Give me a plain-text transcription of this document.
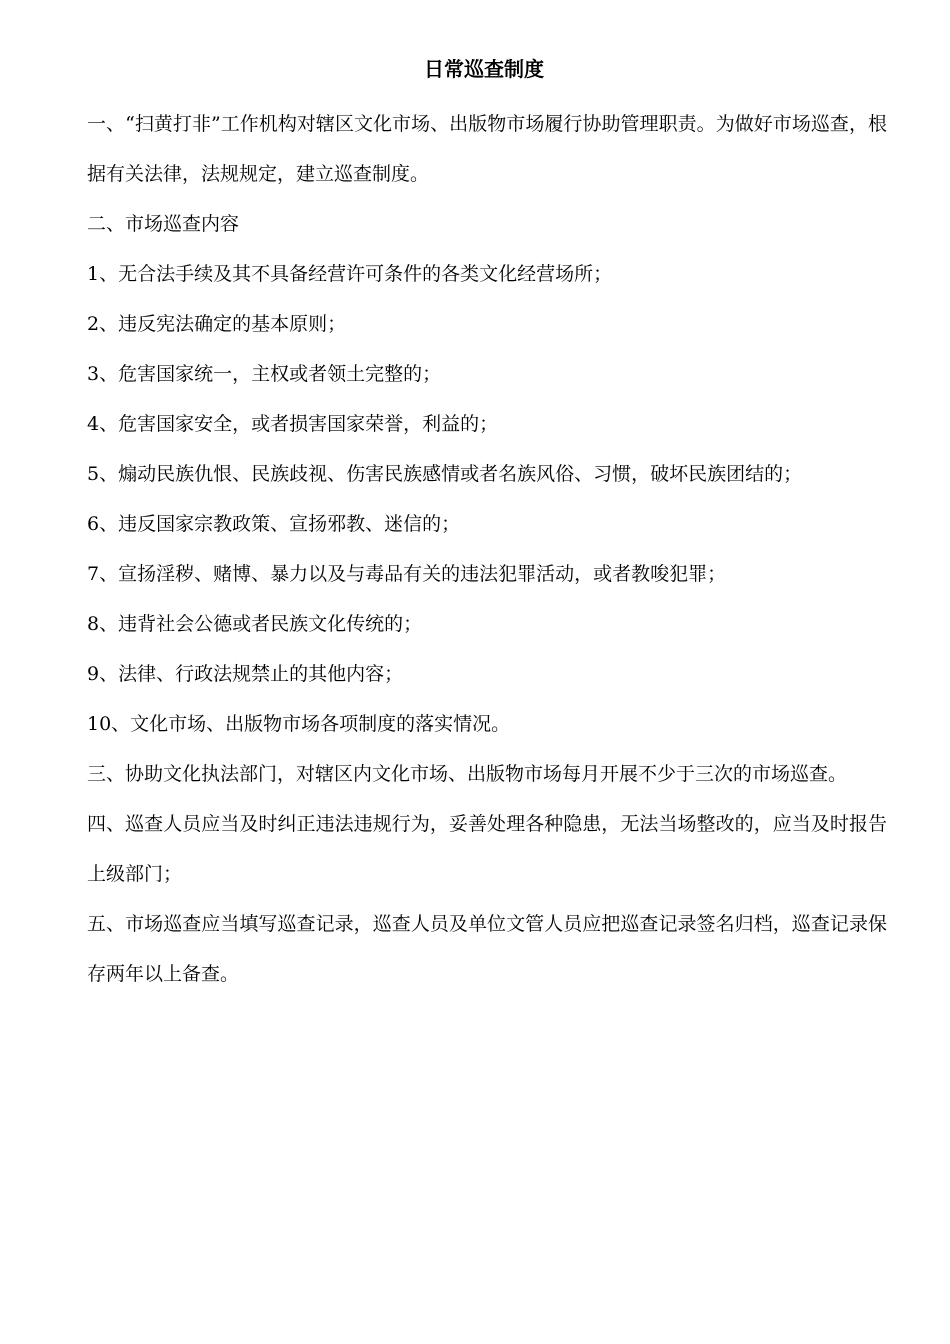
日常巡查制度

一、“扫黄打非”工作机构对辖区文化市场、出版物市场履行协助管理职责。为做好市场巡查，根据有关法律，法规规定，建立巡查制度。

二、市场巡查内容

1、无合法手续及其不具备经营许可条件的各类文化经营场所；

2、违反宪法确定的基本原则；

3、危害国家统一，主权或者领土完整的；

4、危害国家安全，或者损害国家荣誉，利益的；

5、煽动民族仇恨、民族歧视、伤害民族感情或者名族风俗、习惯，破坏民族团结的；

6、违反国家宗教政策、宣扬邪教、迷信的；

7、宣扬淫秽、赌博、暴力以及与毒品有关的违法犯罪活动，或者教唆犯罪；

8、违背社会公德或者民族文化传统的；

9、法律、行政法规禁止的其他内容；

10、文化市场、出版物市场各项制度的落实情况。

三、协助文化执法部门，对辖区内文化市场、出版物市场每月开展不少于三次的市场巡查。

四、巡查人员应当及时纠正违法违规行为，妥善处理各种隐患，无法当场整改的，应当及时报告上级部门；

五、市场巡查应当填写巡查记录，巡查人员及单位文管人员应把巡查记录签名归档，巡查记录保存两年以上备查。
